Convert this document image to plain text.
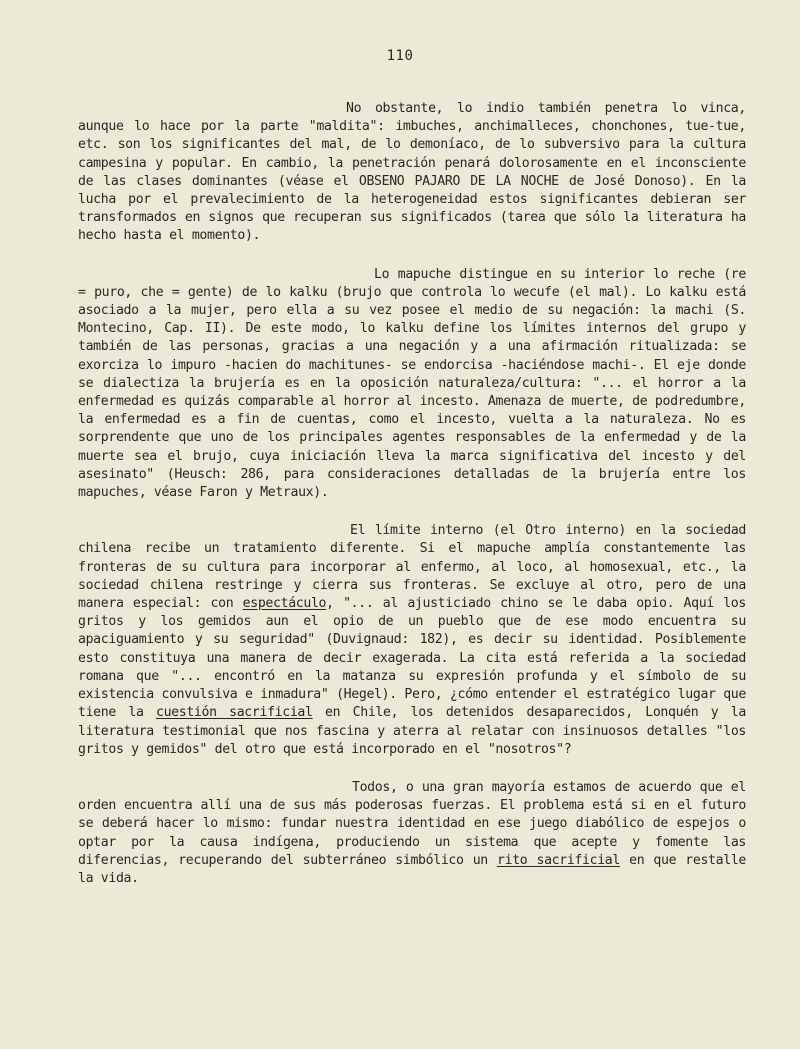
110

No obstante, lo indio también penetra lo vinca, aunque lo hace por la parte "maldita": imbuches, anchimalleces, chonchones, tue-tue, etc. son los significantes del mal, de lo demoníaco, de lo subversivo para la cultura campesina y popular. En cambio, la penetración penará dolorosamente en el inconsciente de las clases dominantes (véase el OBSENO PAJARO DE LA NOCHE de José Donoso). En la lucha por el prevalecimiento de la heterogeneidad estos significantes debieran ser transformados en signos que recuperan sus significados (tarea que sólo la literatura ha hecho hasta el momento).

Lo mapuche distingue en su interior lo reche (re = puro, che = gente) de lo kalku (brujo que controla lo wecufe (el mal). Lo kalku está asociado a la mujer, pero ella a su vez posee el medio de su negación: la machi (S. Montecino, Cap. II). De este modo, lo kalku define los límites internos del grupo y también de las personas, gracias a una negación y a una afirmación ritualizada: se exorciza lo impuro -hacien do machitunes- se endorcisa -haciéndose machi-. El eje donde se dialectiza la brujería es en la oposición naturaleza/cultura: "... el horror a la enfermedad es quizás comparable al horror al incesto. Amenaza de muerte, de podredumbre, la enfermedad es a fin de cuentas, como el incesto, vuelta a la naturaleza. No es sorprendente que uno de los principales agentes responsables de la enfermedad y de la muerte sea el brujo, cuya iniciación lleva la marca significativa del incesto y del asesinato" (Heusch: 286, para consideraciones detalladas de la brujería entre los mapuches, véase Faron y Metraux).

El límite interno (el Otro interno) en la sociedad chilena recibe un tratamiento diferente. Si el mapuche amplía constantemente las fronteras de su cultura para incorporar al enfermo, al loco, al homosexual, etc., la sociedad chilena restringe y cierra sus fronteras. Se excluye al otro, pero de una manera especial: con espectáculo, "... al ajusticiado chino se le daba opio. Aquí los gritos y los gemidos aun el opio de un pueblo que de ese modo encuentra su apaciguamiento y su seguridad" (Duvignaud: 182), es decir su identidad. Posiblemente esto constituya una manera de decir exagerada. La cita está referida a la sociedad romana que "... encontró en la matanza su expresión profunda y el símbolo de su existencia convulsiva e inmadura" (Hegel). Pero, ¿cómo entender el estratégico lugar que tiene la cuestión sacrificial en Chile, los detenidos desaparecidos, Lonquén y la literatura testimonial que nos fascina y aterra al relatar con insinuosos detalles "los gritos y gemidos" del otro que está incorporado en el "nosotros"?

Todos, o una gran mayoría estamos de acuerdo que el orden encuentra allí una de sus más poderosas fuerzas. El problema está si en el futuro se deberá hacer lo mismo: fundar nuestra identidad en ese juego diabólico de espejos o optar por la causa indígena, produciendo un sistema que acepte y fomente las diferencias, recuperando del subterráneo simbólico un rito sacrificial en que restalle la vida.
